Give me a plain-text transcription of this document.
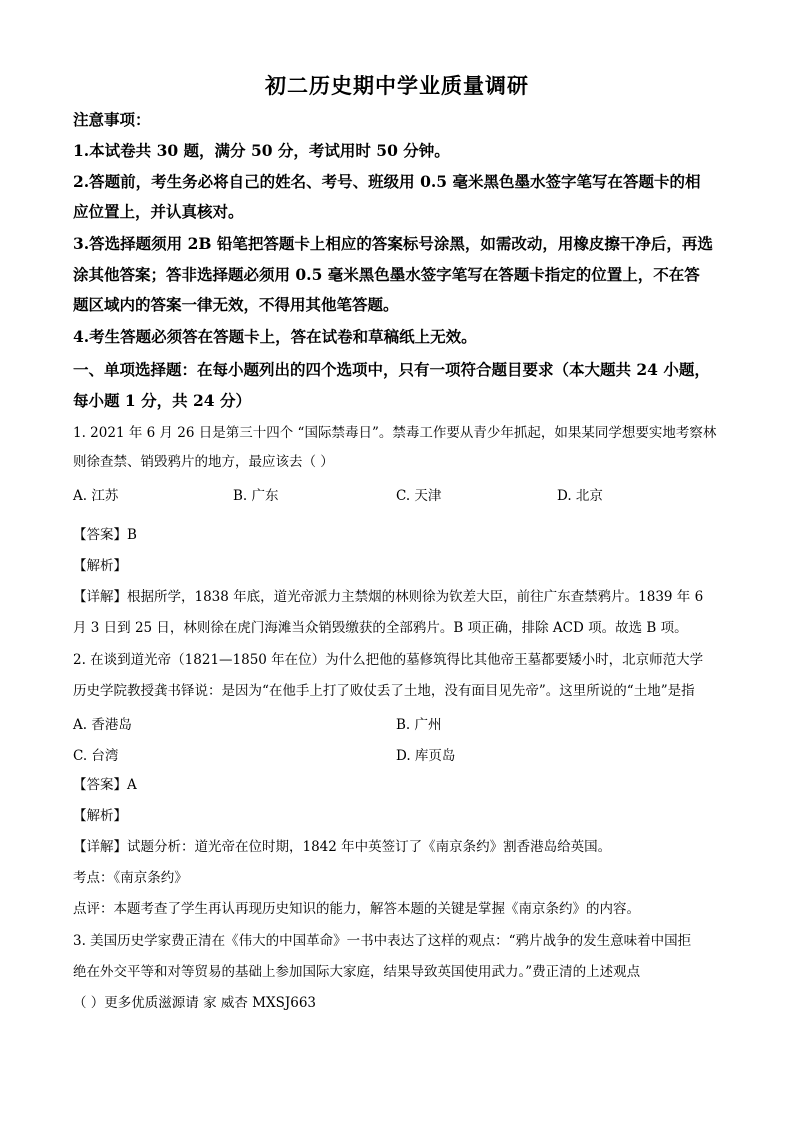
初二历史期中学业质量调研
注意事项：
1.本试卷共 30 题，满分 50 分，考试用时 50 分钟。
2.答题前，考生务必将自己的姓名、考号、班级用 0.5 毫米黑色墨水签字笔写在答题卡的相
应位置上，并认真核对。
3.答选择题须用 2B 铅笔把答题卡上相应的答案标号涂黑，如需改动，用橡皮擦干净后，再选
涂其他答案；答非选择题必须用 0.5 毫米黑色墨水签字笔写在答题卡指定的位置上，不在答
题区域内的答案一律无效，不得用其他笔答题。
4.考生答题必须答在答题卡上，答在试卷和草稿纸上无效。
一、单项选择题：在每小题列出的四个选项中，只有一项符合题目要求（本大题共 24 小题，
每小题 1 分，共 24 分）
1. 2021 年 6 月 26 日是第三十四个 “国际禁毒日”。禁毒工作要从青少年抓起，如果某同学想要实地考察林
则徐查禁、销毁鸦片的地方，最应该去（ ）
A. 江苏	B. 广东	C. 天津	D. 北京
【答案】B
【解析】
【详解】根据所学，1838 年底，道光帝派力主禁烟的林则徐为钦差大臣，前往广东查禁鸦片。1839 年 6
月 3 日到 25 日，林则徐在虎门海滩当众销毁缴获的全部鸦片。B 项正确，排除 ACD 项。故选 B 项。
2. 在谈到道光帝（1821—1850 年在位）为什么把他的墓修筑得比其他帝王墓都要矮小时，北京师范大学
历史学院教授龚书铎说：是因为“在他手上打了败仗丢了土地，没有面目见先帝”。这里所说的“土地”是指
A. 香港岛	B. 广州
C. 台湾	D. 库页岛
【答案】A
【解析】
【详解】试题分析：道光帝在位时期，1842 年中英签订了《南京条约》割香港岛给英国。
考点：《南京条约》
点评：本题考查了学生再认再现历史知识的能力，解答本题的关键是掌握《南京条约》的内容。
3. 美国历史学家费正清在《伟大的中国革命》一书中表达了这样的观点：“鸦片战争的发生意味着中国拒
绝在外交平等和对等贸易的基础上参加国际大家庭，结果导致英国使用武力。”费正清的上述观点
（ ）更多优质滋源请 家 威杏 MXSJ663
